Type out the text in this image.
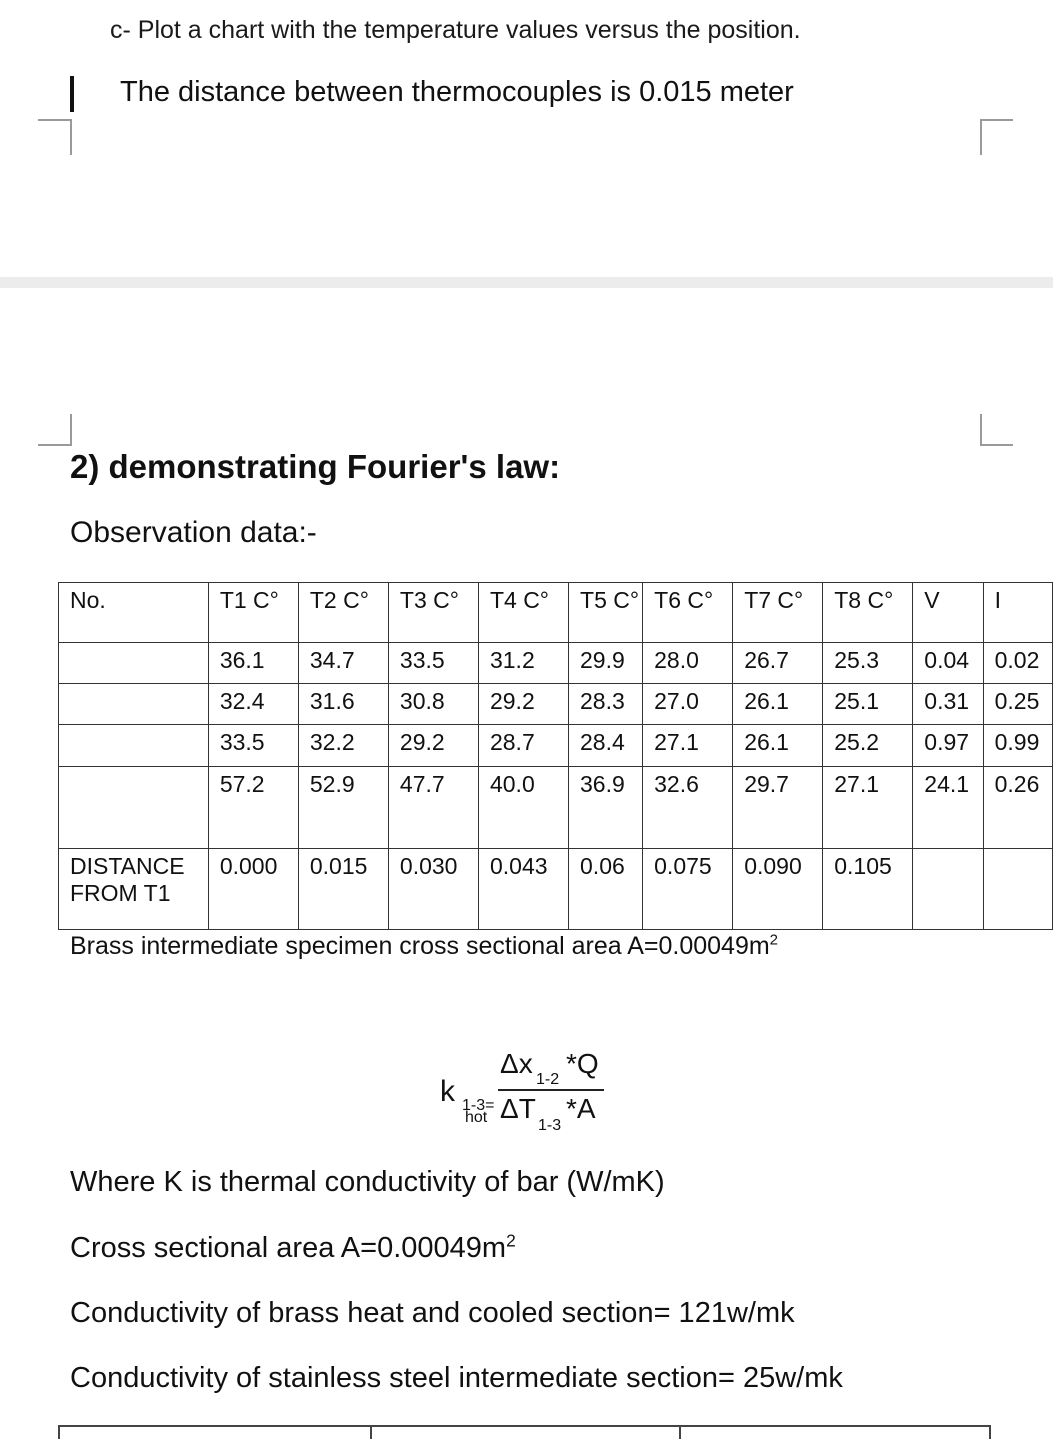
c- Plot a chart with the temperature values versus the position.
The distance between thermocouples is 0.015 meter
2) demonstrating Fourier's law:
Observation data:-
No.	T1 C°	T2 C°	T3 C°	T4 C°	T5 C°	T6 C°	T7 C°	T8 C°	V	I
	36.1	34.7	33.5	31.2	29.9	28.0	26.7	25.3	0.04	0.02
	32.4	31.6	30.8	29.2	28.3	27.0	26.1	25.1	0.31	0.25
	33.5	32.2	29.2	28.7	28.4	27.1	26.1	25.2	0.97	0.99
	57.2	52.9	47.7	40.0	36.9	32.6	29.7	27.1	24.1	0.26
DISTANCE FROM T1	0.000	0.015	0.030	0.043	0.06	0.075	0.090	0.105		
Brass intermediate specimen cross sectional area $A=0.00049m^2$
k 1-3=
hot
Δx
1-2
*Q
ΔT
1-3
*A
Where K is thermal conductivity of bar (W/mK)
Cross sectional area $A=0.00049m^2$
Conductivity of brass heat and cooled section= 121w/mk
Conductivity of stainless steel intermediate section= 25w/mk
